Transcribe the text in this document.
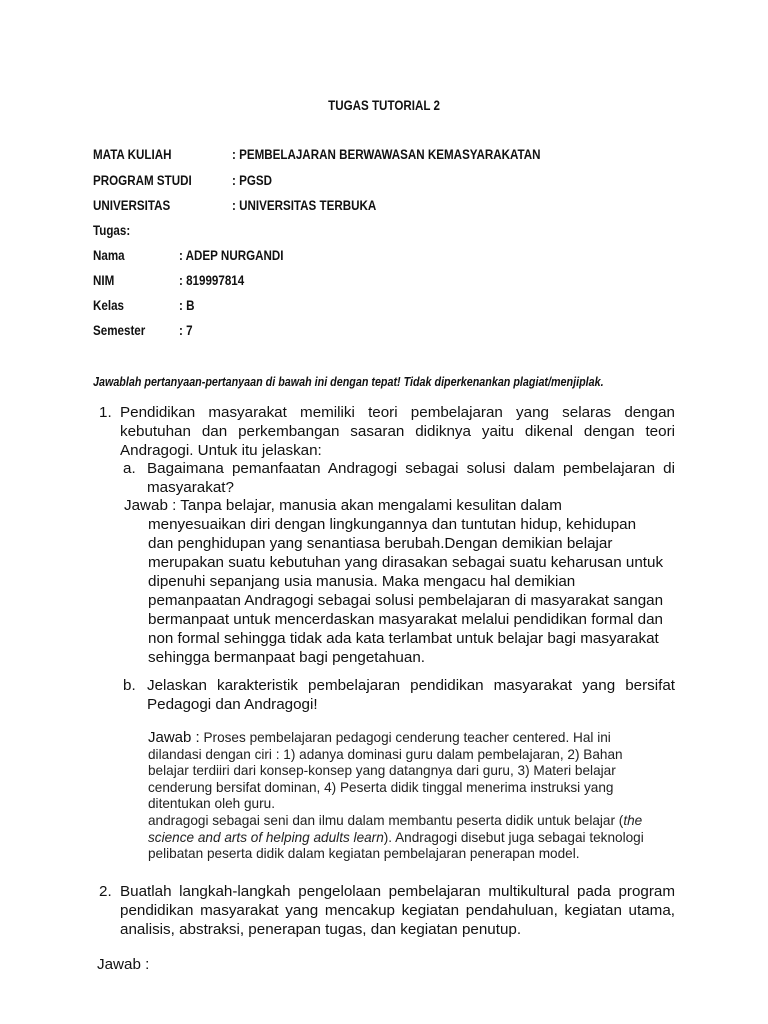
TUGAS TUTORIAL 2
MATA KULIAH	: PEMBELAJARAN BERWAWASAN KEMASYARAKATAN
PROGRAM STUDI	: PGSD
UNIVERSITAS	: UNIVERSITAS TERBUKA
Tugas:
Nama	: ADEP NURGANDI
NIM	: 819997814
Kelas	: B
Semester : 7
Jawablah pertanyaan-pertanyaan di bawah ini dengan tepat! Tidak diperkenankan plagiat/menjiplak.
1. Pendidikan masyarakat memiliki teori pembelajaran yang selaras dengan
kebutuhan dan perkembangan sasaran didiknya yaitu dikenal dengan teori
Andragogi. Untuk itu jelaskan:
a. Bagaimana pemanfaatan Andragogi sebagai solusi dalam pembelajaran di
masyarakat?
Jawab : Tanpa belajar, manusia akan mengalami kesulitan dalam
menyesuaikan diri dengan lingkungannya dan tuntutan hidup, kehidupan
dan penghidupan yang senantiasa berubah.Dengan demikian belajar
merupakan suatu kebutuhan yang dirasakan sebagai suatu keharusan untuk
dipenuhi sepanjang usia manusia. Maka mengacu hal demikian
pemanpaatan Andragogi sebagai solusi pembelajaran di masyarakat sangan
bermanpaat untuk mencerdaskan masyarakat melalui pendidikan formal dan
non formal sehingga tidak ada kata terlambat untuk belajar bagi masyarakat
sehingga bermanpaat bagi pengetahuan.
b. Jelaskan karakteristik pembelajaran pendidikan masyarakat yang bersifat
Pedagogi dan Andragogi!
Jawab : Proses pembelajaran pedagogi cenderung teacher centered. Hal ini
dilandasi dengan ciri : 1) adanya dominasi guru dalam pembelajaran, 2) Bahan
belajar terdiiri dari konsep-konsep yang datangnya dari guru, 3) Materi belajar
cenderung bersifat dominan, 4) Peserta didik tinggal menerima instruksi yang
ditentukan oleh guru.
andragogi sebagai seni dan ilmu dalam membantu peserta didik untuk belajar (the
science and arts of helping adults learn). Andragogi disebut juga sebagai teknologi
pelibatan peserta didik dalam kegiatan pembelajaran penerapan model.
2. Buatlah langkah-langkah pengelolaan pembelajaran multikultural pada program
pendidikan masyarakat yang mencakup kegiatan pendahuluan, kegiatan utama,
analisis, abstraksi, penerapan tugas, dan kegiatan penutup.
Jawab :
